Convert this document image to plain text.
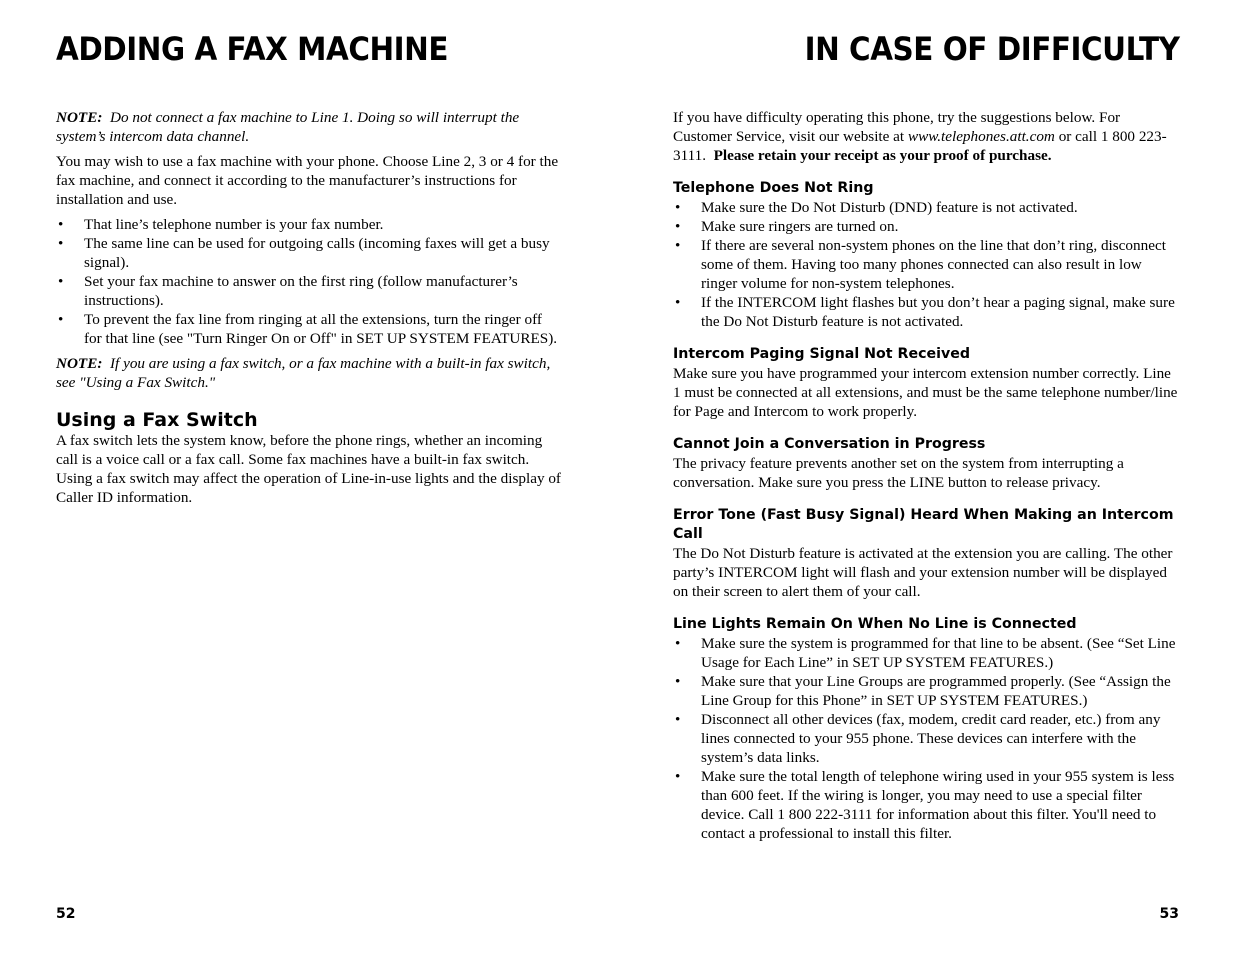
ADDING A FAX MACHINE

NOTE: Do not connect a fax machine to Line 1. Doing so will interrupt the system’s intercom data channel.

You may wish to use a fax machine with your phone. Choose Line 2, 3 or 4 for the fax machine, and connect it according to the manufacturer’s instructions for installation and use.

• That line’s telephone number is your fax number.
• The same line can be used for outgoing calls (incoming faxes will get a busy signal).
• Set your fax machine to answer on the first ring (follow manufacturer’s instructions).
• To prevent the fax line from ringing at all the extensions, turn the ringer off for that line (see "Turn Ringer On or Off" in SET UP SYSTEM FEATURES).

NOTE: If you are using a fax switch, or a fax machine with a built-in fax switch, see "Using a Fax Switch."

Using a Fax Switch

A fax switch lets the system know, before the phone rings, whether an incoming call is a voice call or a fax call. Some fax machines have a built-in fax switch. Using a fax switch may affect the operation of Line-in-use lights and the display of Caller ID information.

52
IN CASE OF DIFFICULTY

If you have difficulty operating this phone, try the suggestions below. For Customer Service, visit our website at www.telephones.att.com or call 1 800 223-3111. Please retain your receipt as your proof of purchase.

Telephone Does Not Ring
• Make sure the Do Not Disturb (DND) feature is not activated.
• Make sure ringers are turned on.
• If there are several non-system phones on the line that don’t ring, disconnect some of them. Having too many phones connected can also result in low ringer volume for non-system telephones.
• If the INTERCOM light flashes but you don’t hear a paging signal, make sure the Do Not Disturb feature is not activated.
Intercom Paging Signal Not Received

Make sure you have programmed your intercom extension number correctly. Line 1 must be connected at all extensions, and must be the same telephone number/line for Page and Intercom to work properly.

Cannot Join a Conversation in Progress

The privacy feature prevents another set on the system from interrupting a conversation. Make sure you press the LINE button to release privacy.

Error Tone (Fast Busy Signal) Heard When Making an Intercom Call

The Do Not Disturb feature is activated at the extension you are calling. The other party’s INTERCOM light will flash and your extension number will be displayed on their screen to alert them of your call.

Line Lights Remain On When No Line is Connected
• Make sure the system is programmed for that line to be absent. (See “Set Line Usage for Each Line” in SET UP SYSTEM FEATURES.)
• Make sure that your Line Groups are programmed properly. (See “Assign the Line Group for this Phone” in SET UP SYSTEM FEATURES.)
• Disconnect all other devices (fax, modem, credit card reader, etc.) from any lines connected to your 955 phone. These devices can interfere with the system’s data links.
• Make sure the total length of telephone wiring used in your 955 system is less than 600 feet. If the wiring is longer, you may need to use a special filter device. Call 1 800 222-3111 for information about this filter. You'll need to contact a professional to install this filter.
53
